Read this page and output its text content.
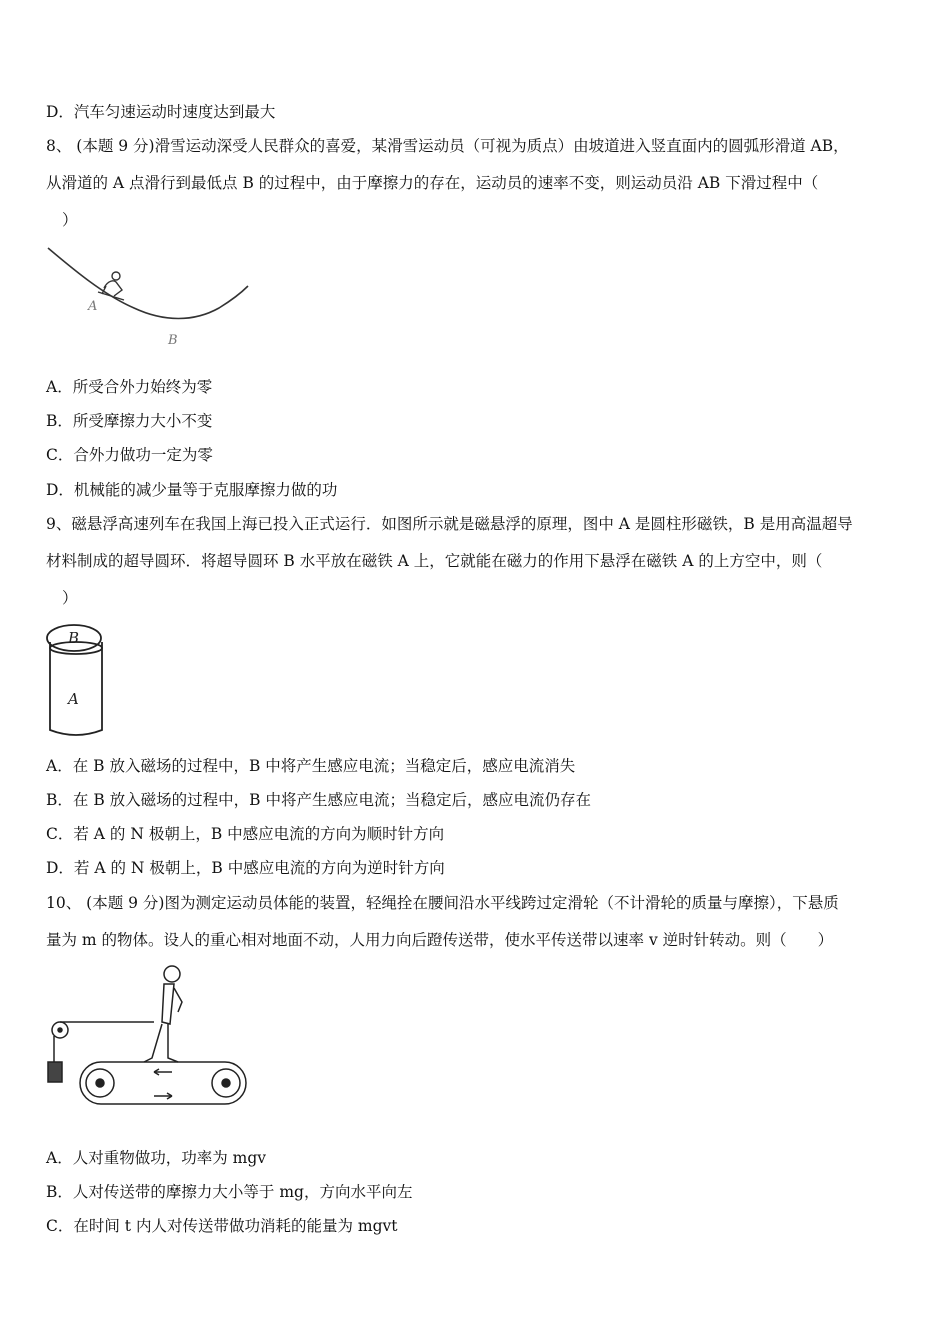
D．汽车匀速运动时速度达到最大
8、 (本题 9 分)滑雪运动深受人民群众的喜爱，某滑雪运动员（可视为质点）由坡道进入竖直面内的圆弧形滑道 AB，
从滑道的 A 点滑行到最低点 B 的过程中，由于摩擦力的存在，运动员的速率不变，则运动员沿 AB 下滑过程中（
）
A
B
A．所受合外力始终为零
B．所受摩擦力大小不变
C．合外力做功一定为零
D．机械能的减少量等于克服摩擦力做的功
9、磁悬浮高速列车在我国上海已投入正式运行．如图所示就是磁悬浮的原理，图中 A 是圆柱形磁铁，B 是用高温超导
材料制成的超导圆环．将超导圆环 B 水平放在磁铁 A 上，它就能在磁力的作用下悬浮在磁铁 A 的上方空中，则（
）
B
A
A．在 B 放入磁场的过程中，B 中将产生感应电流；当稳定后，感应电流消失
B．在 B 放入磁场的过程中，B 中将产生感应电流；当稳定后，感应电流仍存在
C．若 A 的 N 极朝上，B 中感应电流的方向为顺时针方向
D．若 A 的 N 极朝上，B 中感应电流的方向为逆时针方向
10、 (本题 9 分)图为测定运动员体能的装置，轻绳拴在腰间沿水平线跨过定滑轮（不计滑轮的质量与摩擦），下悬质
量为 m 的物体。设人的重心相对地面不动，人用力向后蹬传送带，使水平传送带以速率 v 逆时针转动。则（　　）
A．人对重物做功，功率为 mgv
B．人对传送带的摩擦力大小等于 mg，方向水平向左
C．在时间 t 内人对传送带做功消耗的能量为 mgvt
